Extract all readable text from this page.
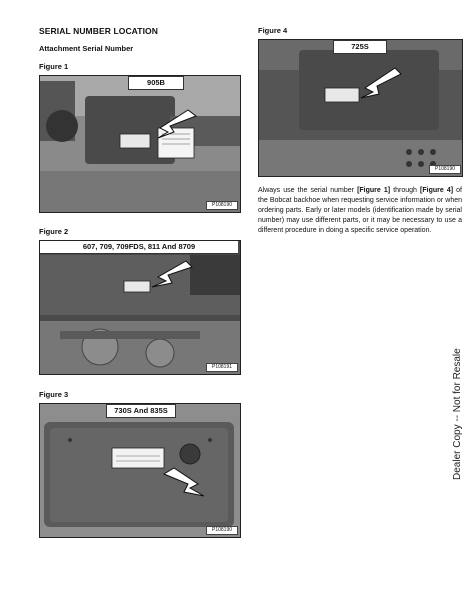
SERIAL NUMBER LOCATION
Attachment Serial Number
Figure 1
905B
P108190
Figure 2
607, 709, 709FDS, 811 And 8709
P108191
Figure 3
730S And 835S
P108190
Figure 4
725S
P108190
Always use the serial number [Figure 1] through [Figure 4] of the Bobcat backhoe when requesting service information or when ordering parts. Early or later models (identification made by serial number) may use different parts, or it may be necessary to use a different procedure in doing a specific service operation.
Dealer Copy -- Not for Resale
